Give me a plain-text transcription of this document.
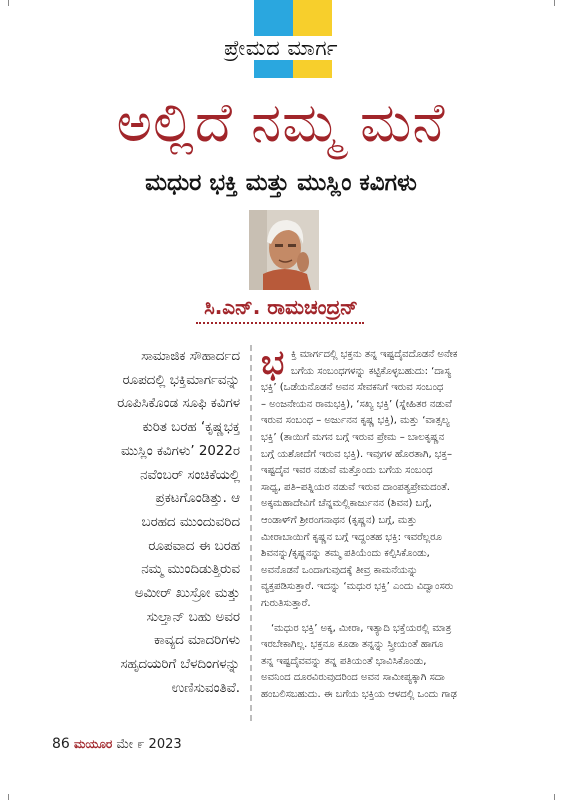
ಪ್ರೇಮದ ಮಾರ್ಗ
ಅಲ್ಲಿದೆ ನಮ್ಮ ಮನೆ
ಮಧುರ ಭಕ್ತಿ ಮತ್ತು ಮುಸ್ಲಿಂ ಕವಿಗಳು
ಸಿ.ಎನ್. ರಾಮಚಂದ್ರನ್
ಸಾಮಾಜಿಕ ಸೌಹಾರ್ದದ
ರೂಪದಲ್ಲಿ ಭಕ್ತಿಮಾರ್ಗವನ್ನು
ರೂಪಿಸಿಕೊಂಡ ಸೂಫಿ ಕವಿಗಳ
ಕುರಿತ ಬರಹ ‘ಕೃಷ್ಣಭಕ್ತ
ಮುಸ್ಲಿಂ ಕವಿಗಳು’ 2022ರ
ನವೆಂಬರ್ ಸಂಚಿಕೆಯಲ್ಲಿ
ಪ್ರಕಟಗೊಂಡಿತ್ತು. ಆ
ಬರಹದ ಮುಂದುವರಿದ
ರೂಪವಾದ ಈ ಬರಹ
ನಮ್ಮ ಮುಂದಿಡುತ್ತಿರುವ
ಅಮೀರ್ ಖುಸ್ರೋ ಮತ್ತು
ಸುಲ್ತಾನ್ ಬಹು ಅವರ
ಕಾವ್ಯದ ಮಾದರಿಗಳು
ಸಹೃದಯರಿಗೆ ಬೆಳದಿಂಗಳನ್ನು
ಉಣಿಸುವಂತಿವೆ.
ಭ ಕ್ತಿ ಮಾರ್ಗದಲ್ಲಿ ಭಕ್ತನು ತನ್ನ ಇಷ್ಟದೈವದೊಡನೆ ಅನೇಕ
ಬಗೆಯ ಸಂಬಂಧಗಳನ್ನು ಕಟ್ಟಿಕೊಳ್ಳಬಹುದು: ‘ದಾಸ್ಯ
ಭಕ್ತಿ’ (ಒಡೆಯನೊಡನೆ ಅವನ ಸೇವಕನಿಗೆ ಇರುವ ಸಂಬಂಧ
– ಅಂಜನೇಯನ ರಾಮಭಕ್ತಿ), ‘ಸಖ್ಯ ಭಕ್ತಿ’ (ಸ್ನೇಹಿತರ ನಡುವೆ
ಇರುವ ಸಂಬಂಧ – ಅರ್ಜುನನ ಕೃಷ್ಣ ಭಕ್ತಿ), ಮತ್ತು ‘ವಾತ್ಸಲ್ಯ
ಭಕ್ತಿ’ (ತಾಯಿಗೆ ಮಗನ ಬಗ್ಗೆ ಇರುವ ಪ್ರೇಮ – ಬಾಲಕೃಷ್ಣನ
ಬಗ್ಗೆ ಯಶೋದೆಗೆ ಇರುವ ಭಕ್ತಿ). ಇವುಗಳ ಹೊರತಾಗಿ, ಭಕ್ತ–
ಇಷ್ಟದೈವ ಇವರ ನಡುವೆ ಮತ್ತೊಂದು ಬಗೆಯ ಸಂಬಂಧ
ಸಾಧ್ಯ, ಪತಿ–ಪತ್ನಿಯರ ನಡುವೆ ಇರುವ ದಾಂಪತ್ಯಪ್ರೇಮದಂತೆ.
ಅಕ್ಕಮಹಾದೇವಿಗೆ ಚೆನ್ನಮಲ್ಲಿಕಾರ್ಜುನನ (ಶಿವನ) ಬಗ್ಗೆ,
ಆಂಡಾಳ್‌ಗೆ ಶ್ರೀರಂಗನಾಥನ (ಕೃಷ್ಣನ) ಬಗ್ಗೆ, ಮತ್ತು
ಮೀರಾಬಾಯಿಗೆ ಕೃಷ್ಣನ ಬಗ್ಗೆ ಇದ್ದಂತಹ ಭಕ್ತಿ: ಇವರೆಲ್ಲರೂ
ಶಿವನನ್ನು/ಕೃಷ್ಣನನ್ನು ತಮ್ಮ ಪತಿಯೆಂದು ಕಲ್ಪಿಸಿಕೊಂಡು,
ಅವನೊಡನೆ ಒಂದಾಗುವುದಕ್ಕೆ ತೀವ್ರ ಕಾಮನೆಯನ್ನು
ವ್ಯಕ್ತಪಡಿಸುತ್ತಾರೆ. ಇದನ್ನು ‘ಮಧುರ ಭಕ್ತಿ’ ಎಂದು ವಿದ್ವಾಂಸರು
ಗುರುತಿಸುತ್ತಾರೆ.

‘ಮಧುರ ಭಕ್ತಿ’ ಅಕ್ಕ, ಮೀರಾ, ಇತ್ಯಾದಿ ಭಕ್ತೆಯರಲ್ಲಿ ಮಾತ್ರ
ಇರಬೇಕಾಗಿಲ್ಲ. ಭಕ್ತನೂ ಕೂಡಾ ತನ್ನನ್ನು ಸ್ತ್ರೀಯಂತೆ ಹಾಗೂ
ತನ್ನ ಇಷ್ಟದೈವವನ್ನು ತನ್ನ ಪತಿಯಂತೆ ಭಾವಿಸಿಕೊಂಡು,
ಅವನಿಂದ ದೂರವಿರುವುದರಿಂದ ಅವನ ಸಾಮೀಪ್ಯಕ್ಕಾಗಿ ಸದಾ
ಹಂಬಲಿಸಬಹುದು. ಈ ಬಗೆಯ ಭಕ್ತಿಯ ಆಳದಲ್ಲಿ ಒಂದು ಗಾಢ

86 ಮಯೂರ ಮೇ ೯ 2023
